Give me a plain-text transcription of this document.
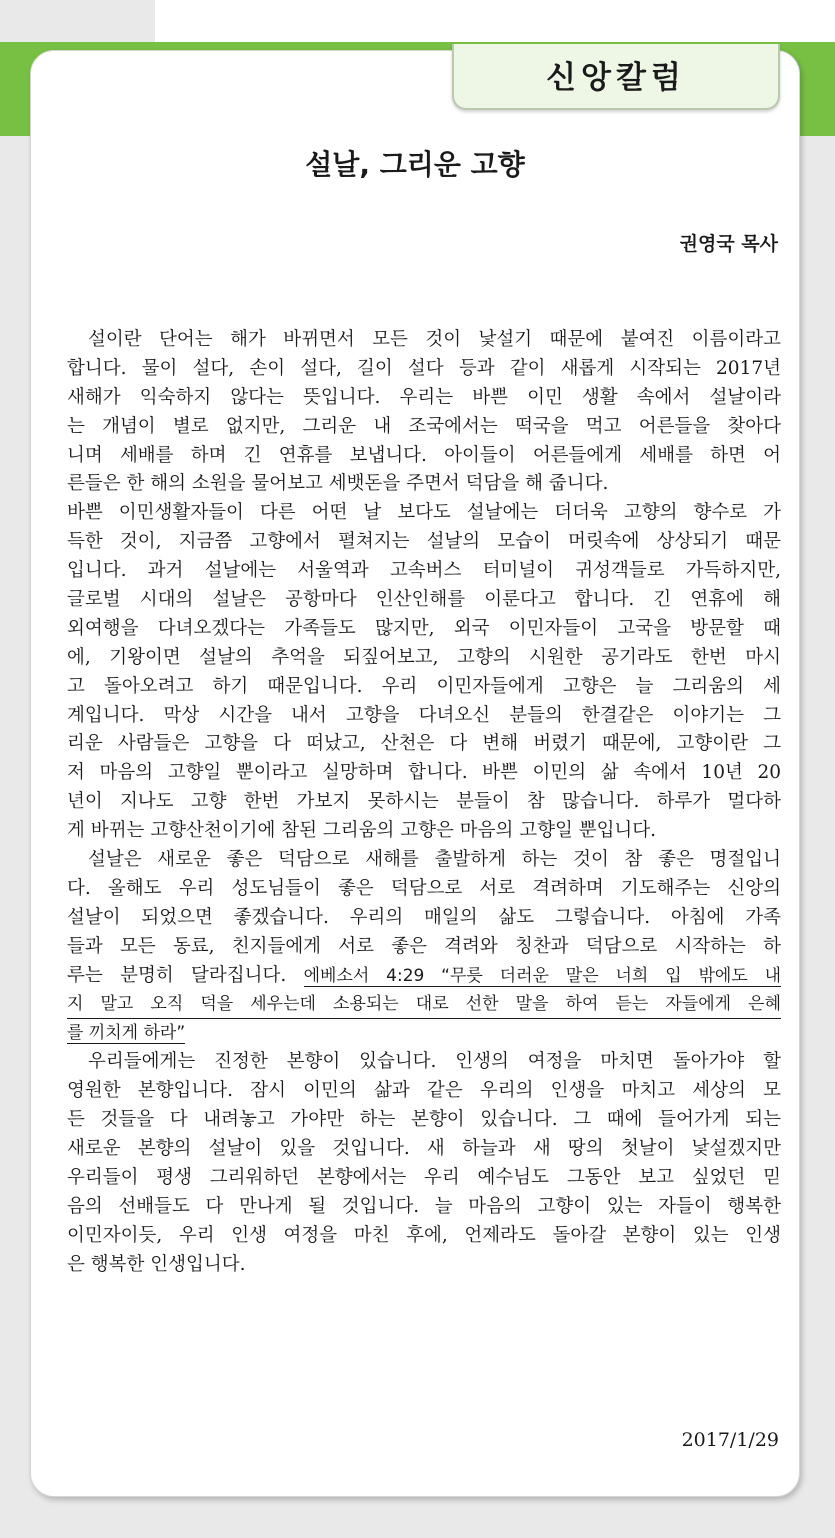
신앙칼럼
설날, 그리운 고향
권영국 목사
설이란 단어는 해가 바뀌면서 모든 것이 낯설기 때문에 붙여진 이름이라고
합니다. 물이 설다, 손이 설다, 길이 설다 등과 같이 새롭게 시작되는 2017년
새해가 익숙하지 않다는 뜻입니다. 우리는 바쁜 이민 생활 속에서 설날이라
는 개념이 별로 없지만, 그리운 내 조국에서는 떡국을 먹고 어른들을 찾아다
니며 세배를 하며 긴 연휴를 보냅니다. 아이들이 어른들에게 세배를 하면 어
른들은 한 해의 소원을 물어보고 세뱃돈을 주면서 덕담을 해 줍니다.
바쁜 이민생활자들이 다른 어떤 날 보다도 설날에는 더더욱 고향의 향수로 가
득한 것이, 지금쯤 고향에서 펼쳐지는 설날의 모습이 머릿속에 상상되기 때문
입니다. 과거 설날에는 서울역과 고속버스 터미널이 귀성객들로 가득하지만,
글로벌 시대의 설날은 공항마다 인산인해를 이룬다고 합니다. 긴 연휴에 해
외여행을 다녀오겠다는 가족들도 많지만, 외국 이민자들이 고국을 방문할 때
에, 기왕이면 설날의 추억을 되짚어보고, 고향의 시원한 공기라도 한번 마시
고 돌아오려고 하기 때문입니다. 우리 이민자들에게 고향은 늘 그리움의 세
계입니다. 막상 시간을 내서 고향을 다녀오신 분들의 한결같은 이야기는 그
리운 사람들은 고향을 다 떠났고, 산천은 다 변해 버렸기 때문에, 고향이란 그
저 마음의 고향일 뿐이라고 실망하며 합니다. 바쁜 이민의 삶 속에서 10년 20
년이 지나도 고향 한번 가보지 못하시는 분들이 참 많습니다. 하루가 멀다하
게 바뀌는 고향산천이기에 참된 그리움의 고향은 마음의 고향일 뿐입니다.
설날은 새로운 좋은 덕담으로 새해를 출발하게 하는 것이 참 좋은 명절입니
다. 올해도 우리 성도님들이 좋은 덕담으로 서로 격려하며 기도해주는 신앙의
설날이 되었으면 좋겠습니다. 우리의 매일의 삶도 그렇습니다. 아침에 가족
들과 모든 동료, 친지들에게 서로 좋은 격려와 칭찬과 덕담으로 시작하는 하
루는 분명히 달라집니다. 에베소서 4:29 “무릇 더러운 말은 너희 입 밖에도 내
지 말고 오직 덕을 세우는데 소용되는 대로 선한 말을 하여 듣는 자들에게 은혜
를 끼치게 하라”
우리들에게는 진정한 본향이 있습니다. 인생의 여정을 마치면 돌아가야 할
영원한 본향입니다. 잠시 이민의 삶과 같은 우리의 인생을 마치고 세상의 모
든 것들을 다 내려놓고 가야만 하는 본향이 있습니다. 그 때에 들어가게 되는
새로운 본향의 설날이 있을 것입니다. 새 하늘과 새 땅의 첫날이 낯설겠지만
우리들이 평생 그리워하던 본향에서는 우리 예수님도 그동안 보고 싶었던 믿
음의 선배들도 다 만나게 될 것입니다. 늘 마음의 고향이 있는 자들이 행복한
이민자이듯, 우리 인생 여정을 마친 후에, 언제라도 돌아갈 본향이 있는 인생
은 행복한 인생입니다.
2017/1/29
